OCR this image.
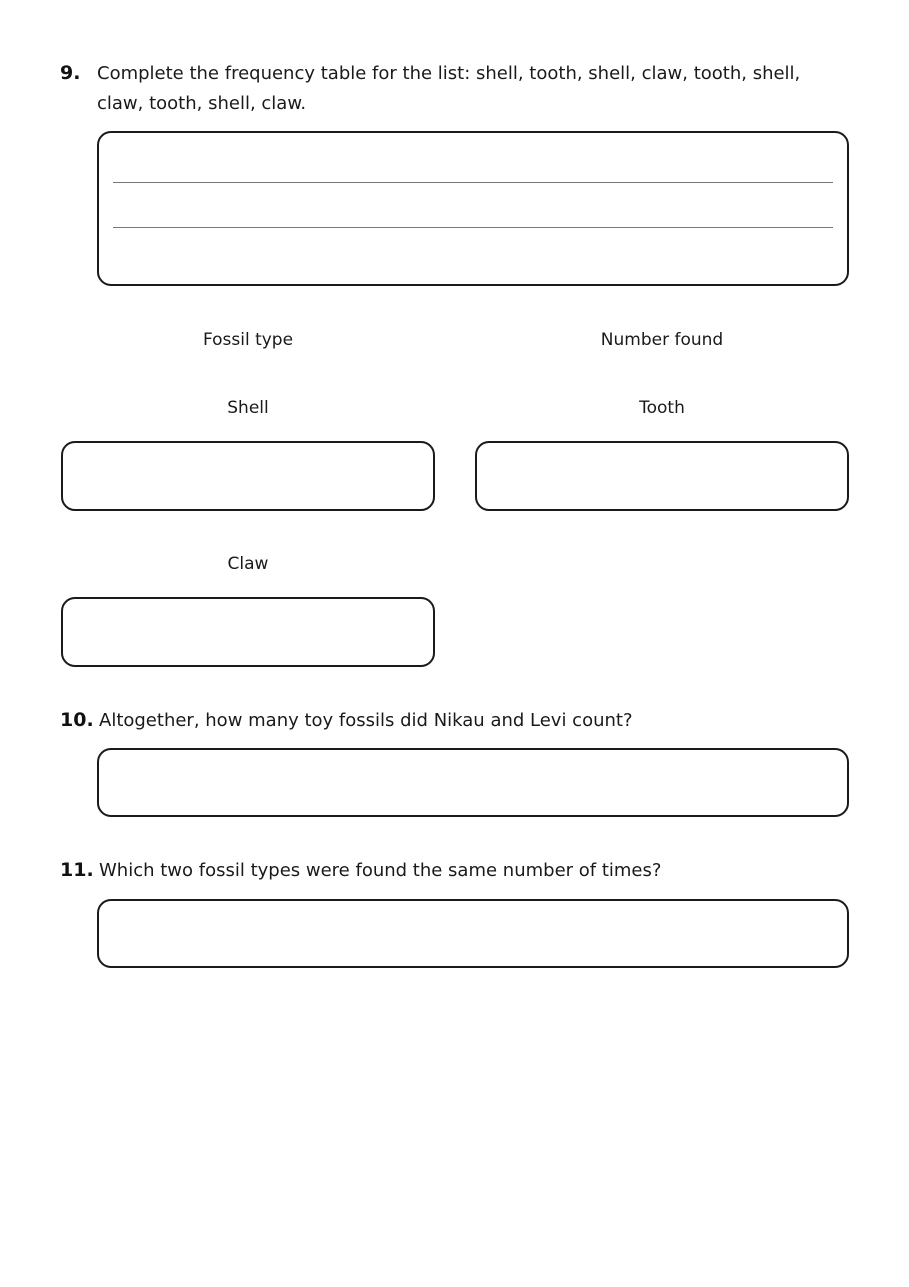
9. Complete the frequency table for the list: shell, tooth, shell, claw, tooth, shell,
claw, tooth, shell, claw.
Fossil type	Number found
Shell	Tooth
Claw
10. Altogether, how many toy fossils did Nikau and Levi count?
11. Which two fossil types were found the same number of times?
